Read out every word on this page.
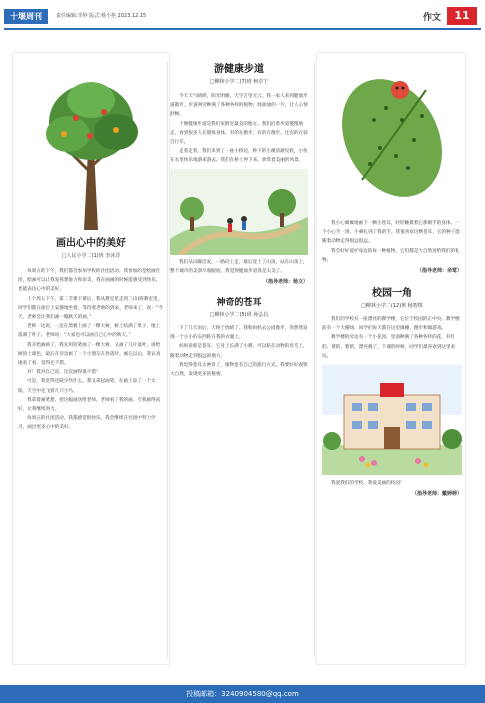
十堰周刊	责任编辑:李婷 版式:杨小艳 2023.12.15	作文	11
画出心中的美好
□人民小学二(1)班 李沐洋

每周五的下午，我们都会参加学校的社团活动。我参加的是绘画社团，绘画可以让我发挥想象力和审美，我在画画的时候能感受到快乐，也能表达心中的美好。

上个周五下午，第二节课下课后，我从教室里走到三(1)班教室里。同学们都在座位上安静地坐着，等待着老师的到来。老师来了，说：“今天，老师会让我们画一幅秋天的画。”

老师一边说，一边在黑板上画了一棵大树，树上结满了果子，地上落满了叶子。老师说：“大家也可以画自己心中的秋天。”

我开始画画了。我先用铅笔画了一棵大树，又画了几片落叶，再给树涂上颜色，最后在旁边画了一个小朋友在捡落叶。画完以后，我认真地看了看，觉得还不错。

对！我对自己说，这次画得很不错！

可是，我觉得还缺少些什么。我又拿起画笔，在画上添了一个太阳，天空中还飞着几只小鸟。

我拿着画笔想，把这幅画送给老师。老师看了我的画，夸我画得真好，让我继续努力。

每周五的社团活动，我都感觉很快乐。我会继续在社团中努力学习，画出更多心中的美好。

游健康步道
□柳林小学二(7)班 柯卓宁

今天天气晴朗，阳光明媚，天空万里无云。我一家人来到健康步道散步。步道两旁种满了各种各样的植物，绿油油的一片，让人心情舒畅。

十堰健康步道是我们家附近最美的地方。我们沿着步道慢慢地走，看到很多人在锻炼身体，有的在跑步，有的在散步，还有的在骑自行车。

走着走着，我们来到了一座小桥边，桥下的小溪清澈见底，小鱼在水里快乐地游来游去。我们在桥上停下来，欣赏着美丽的风景。

我们从山脚出发，一路向上走，最后登上了山顶。站在山顶上，整个城市的美景尽收眼底。我觉得健康步道真是太美了。

（指导老师：杨文）
神奇的苍耳
□柳林小学二(5)班 孙弘昌

下了几天雨后，天终于放晴了。我和妈妈去公园散步，突然我发现一个小小的东西粘在我的衣服上。

妈妈说那是苍耳，它身上长满了小刺，可以粘在动物的皮毛上，随着动物走到很远的地方。

我觉得苍耳太神奇了，植物也有自己的旅行方式。我要好好观察大自然，发现更多的秘密。

我小心翼翼地画下一颗小苍耳，轻轻触摸着它那刺手的身体。一不小心手一滑，小刺扎到了我的手。我很喜欢这颗苍耳，它的种子能随着动物走得很远很远。

我会好好爱护身边的每一种植物，它们都是大自然送给我们的礼物。

（指导老师：余莺）
校园一角
□柳林小学二(12)班 杨智棋

我们的学校有一座漂亮的教学楼，它位于校园的正中央。教学楼前有一个大操场，同学们每天都在这里做操、跑步和做游戏。

教学楼的旁边有一个小花园，里面种满了各种各样的花，有红的、黄的、紫的，漂亮极了。下课的时候，同学们最喜欢到这里来玩。

我爱我们的学校，我爱美丽的校园！

（指导老师：戴婷婷）
投稿邮箱：3240904580@qq.com
